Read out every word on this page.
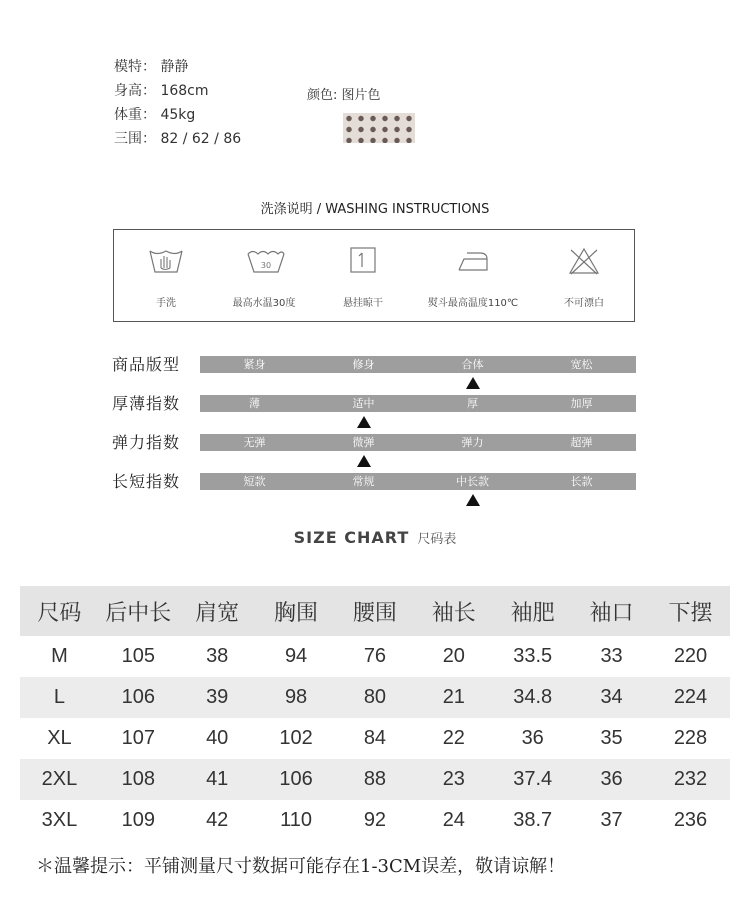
模特： 静静
身高： 168cm
体重： 45kg
三围： 82 / 62 / 86
颜色: 图片色
洗涤说明 / WASHING INSTRUCTIONS
手洗
30
最高水温30度	悬挂晾干	熨斗最高温度110℃	不可漂白
商品版型	紧身	修身	合体	宽松
厚薄指数	薄	适中	厚	加厚
弹力指数	无弹	微弹	弹力	超弹
长短指数	短款	常规	中长款	长款
SIZE CHART 尺码表
尺码	后中长	肩宽	胸围	腰围	袖长	袖肥	袖口	下摆
M	105	38	94	76	20	33.5	33	220
L	106	39	98	80	21	34.8	34	224
XL	107	40	102	84	22	36	35	228
2XL	108	41	106	88	23	37.4	36	232
3XL	109	42	110	92	24	38.7	37	236
＊温馨提示：平铺测量尺寸数据可能存在1-3CM误差，敬请谅解！
